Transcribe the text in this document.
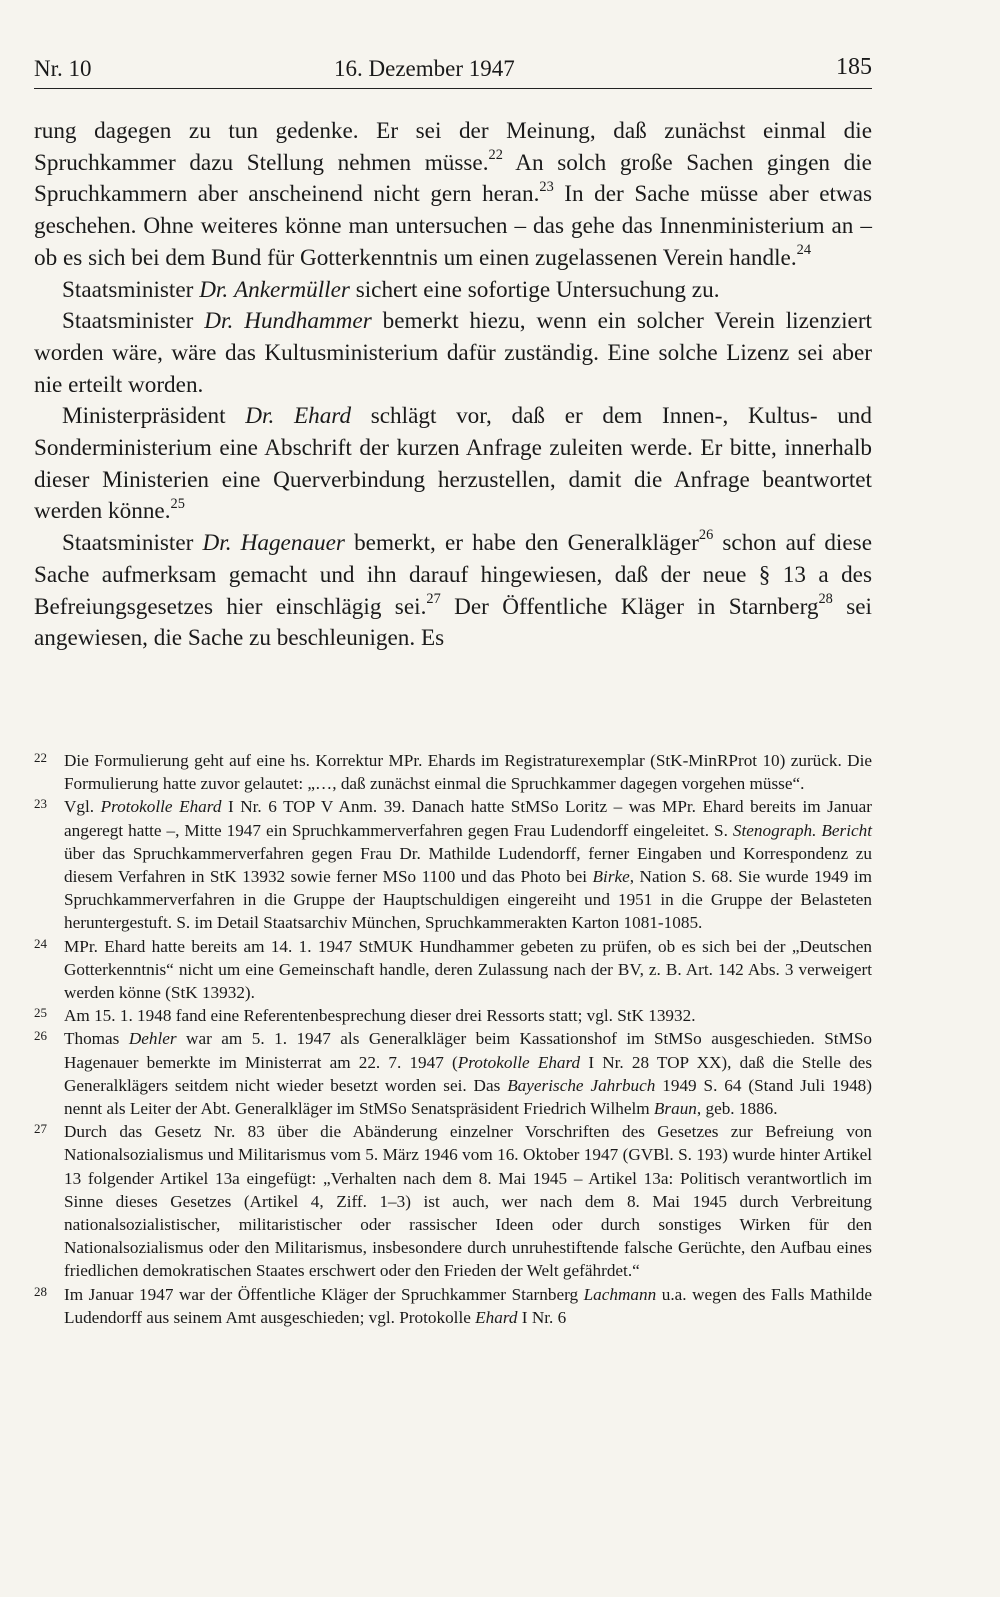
Nr. 10	16. Dezember 1947	185

rung dagegen zu tun gedenke. Er sei der Meinung, daß zunächst einmal die Spruchkammer dazu Stellung nehmen müsse.$^{22}$ An solch große Sachen gingen die Spruchkammern aber anscheinend nicht gern heran.$^{23}$ In der Sache müsse aber etwas geschehen. Ohne weiteres könne man untersuchen – das gehe das Innenministerium an – ob es sich bei dem Bund für Gotterkenntnis um einen zugelassenen Verein handle.$^{24}$

Staatsminister Dr. Ankermüller sichert eine sofortige Untersuchung zu.

Staatsminister Dr. Hundhammer bemerkt hiezu, wenn ein solcher Verein lizenziert worden wäre, wäre das Kultusministerium dafür zuständig. Eine solche Lizenz sei aber nie erteilt worden.

Ministerpräsident Dr. Ehard schlägt vor, daß er dem Innen-, Kultus- und Sonderministerium eine Abschrift der kurzen Anfrage zuleiten werde. Er bitte, innerhalb dieser Ministerien eine Querverbindung herzustellen, damit die Anfrage beantwortet werden könne.$^{25}$

Staatsminister Dr. Hagenauer bemerkt, er habe den Generalkläger$^{26}$ schon auf diese Sache aufmerksam gemacht und ihn darauf hingewiesen, daß der neue § 13 a des Befreiungsgesetzes hier einschlägig sei.$^{27}$ Der Öffentliche Kläger in Starnberg$^{28}$ sei angewiesen, die Sache zu beschleunigen. Es

22 Die Formulierung geht auf eine hs. Korrektur MPr. Ehards im Registraturexemplar (StK-MinRProt 10) zurück. Die Formulierung hatte zuvor gelautet: „…, daß zunächst einmal die Spruchkammer dagegen vorgehen müsse“.

23 Vgl. Protokolle Ehard I Nr. 6 TOP V Anm. 39. Danach hatte StMSo Loritz – was MPr. Ehard bereits im Januar angeregt hatte –, Mitte 1947 ein Spruchkammerverfahren gegen Frau Ludendorff eingeleitet. S. Stenograph. Bericht über das Spruchkammerverfahren gegen Frau Dr. Mathilde Ludendorff, ferner Eingaben und Korrespondenz zu diesem Verfahren in StK 13932 sowie ferner MSo 1100 und das Photo bei Birke, Nation S. 68. Sie wurde 1949 im Spruchkammerverfahren in die Gruppe der Hauptschuldigen eingereiht und 1951 in die Gruppe der Belasteten heruntergestuft. S. im Detail Staatsarchiv München, Spruchkammerakten Karton 1081-1085.

24 MPr. Ehard hatte bereits am 14. 1. 1947 StMUK Hundhammer gebeten zu prüfen, ob es sich bei der „Deutschen Gotterkenntnis“ nicht um eine Gemeinschaft handle, deren Zulassung nach der BV, z. B. Art. 142 Abs. 3 verweigert werden könne (StK 13932).

25 Am 15. 1. 1948 fand eine Referentenbesprechung dieser drei Ressorts statt; vgl. StK 13932.

26 Thomas Dehler war am 5. 1. 1947 als Generalkläger beim Kassationshof im StMSo ausgeschieden. StMSo Hagenauer bemerkte im Ministerrat am 22. 7. 1947 (Protokolle Ehard I Nr. 28 TOP XX), daß die Stelle des Generalklägers seitdem nicht wieder besetzt worden sei. Das Bayerische Jahrbuch 1949 S. 64 (Stand Juli 1948) nennt als Leiter der Abt. Generalkläger im StMSo Senatspräsident Friedrich Wilhelm Braun, geb. 1886.

27 Durch das Gesetz Nr. 83 über die Abänderung einzelner Vorschriften des Gesetzes zur Befreiung von Nationalsozialismus und Militarismus vom 5. März 1946 vom 16. Oktober 1947 (GVBl. S. 193) wurde hinter Artikel 13 folgender Artikel 13a eingefügt: „Verhalten nach dem 8. Mai 1945 – Artikel 13a: Politisch verantwortlich im Sinne dieses Gesetzes (Artikel 4, Ziff. 1–3) ist auch, wer nach dem 8. Mai 1945 durch Verbreitung nationalsozialistischer, militaristischer oder rassischer Ideen oder durch sonstiges Wirken für den Nationalsozialismus oder den Militarismus, insbesondere durch unruhestiftende falsche Gerüchte, den Aufbau eines friedlichen demokratischen Staates erschwert oder den Frieden der Welt gefährdet.“

28 Im Januar 1947 war der Öffentliche Kläger der Spruchkammer Starnberg Lachmann u.a. wegen des Falls Mathilde Ludendorff aus seinem Amt ausgeschieden; vgl. Protokolle Ehard I Nr. 6
